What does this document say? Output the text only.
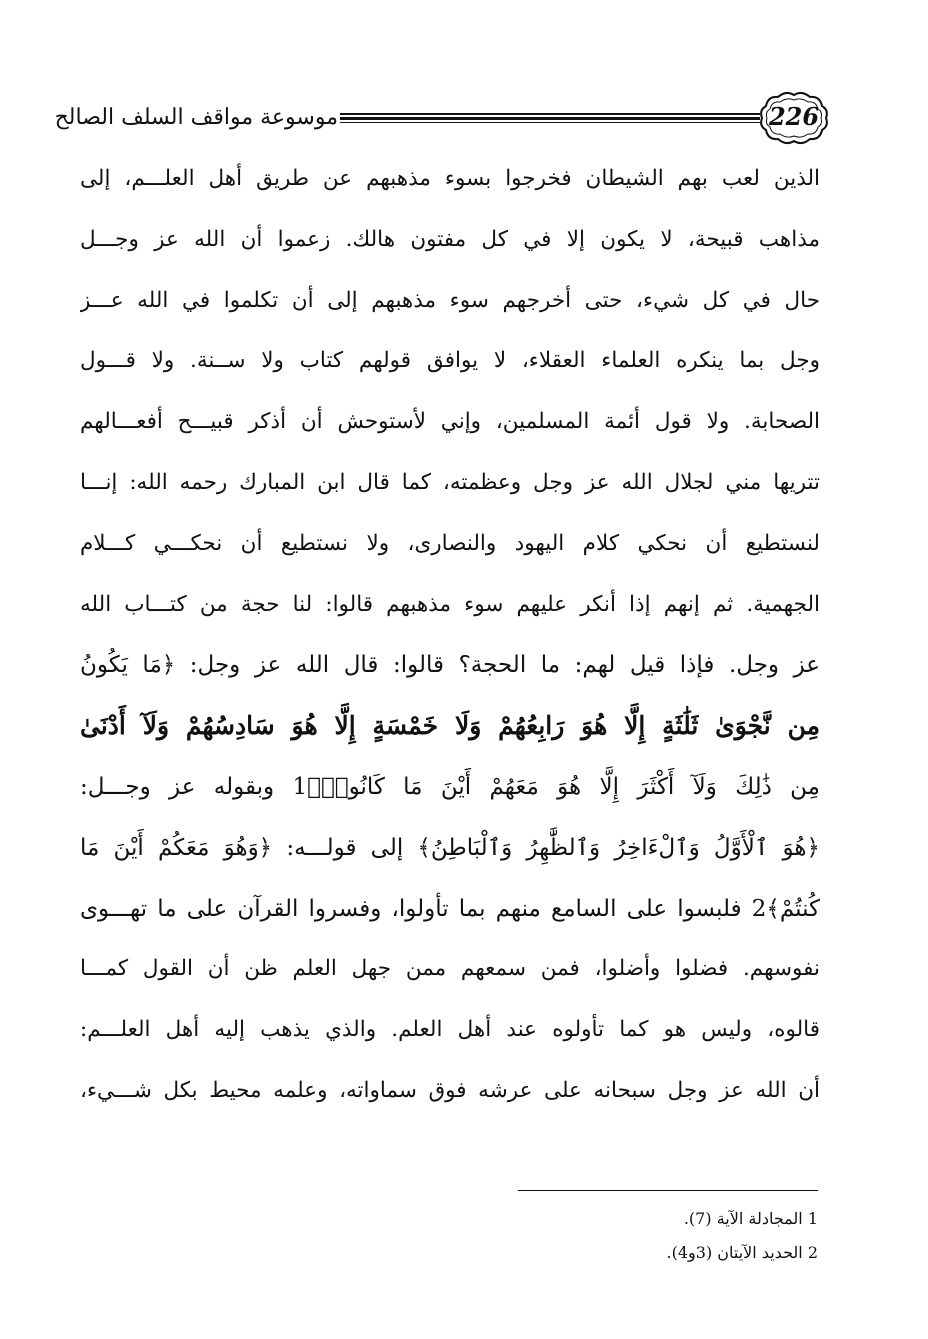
226
موسوعة مواقف السلف الصالح
الذين لعب بهم الشيطان فخرجوا بسوء مذهبهم عن طريق أهل العلـــم، إلى
مذاهب قبيحة، لا يكون إلا في كل مفتون هالك. زعموا أن الله عز وجـــل
حال في كل شيء، حتى أخرجهم سوء مذهبهم إلى أن تكلموا في الله عـــز
وجل بما ينكره العلماء العقلاء، لا يوافق قولهم كتاب ولا ســنة. ولا قـــول
الصحابة. ولا قول أئمة المسلمين، وإني لأستوحش أن أذكر قبيـــح أفعـــالهم
تتريها مني لجلال الله عز وجل وعظمته، كما قال ابن المبارك رحمه الله: إنـــا
لنستطيع أن نحكي كلام اليهود والنصارى، ولا نستطيع أن نحكـــي كـــلام
الجهمية. ثم إنهم إذا أنكر عليهم سوء مذهبهم قالوا: لنا حجة من كتـــاب الله
عز وجل. فإذا قيل لهم: ما الحجة؟ قالوا: قال الله عز وجل: ﴿مَا يَكُونُ
مِن نَّجْوَىٰ ثَلَٰثَةٍ إِلَّا هُوَ رَابِعُهُمْ وَلَا خَمْسَةٍ إِلَّا هُوَ سَادِسُهُمْ وَلَآ أَدْنَىٰ
مِن ذَٰلِكَ وَلَآ أَكْثَرَ إِلَّا هُوَ مَعَهُمْ أَيْنَ مَا كَانُوا۟﴾1 وبقوله عز وجـــل:
﴿هُوَ ٱلْأَوَّلُ وَٱلْءَاخِرُ وَٱلظَّٰهِرُ وَٱلْبَاطِنُ﴾ إلى قولـــه: ﴿وَهُوَ مَعَكُمْ أَيْنَ مَا
كُنتُمْ﴾2 فلبسوا على السامع منهم بما تأولوا، وفسروا القرآن على ما تهـــوى
نفوسهم. فضلوا وأضلوا، فمن سمعهم ممن جهل العلم ظن أن القول كمـــا
قالوه، وليس هو كما تأولوه عند أهل العلم. والذي يذهب إليه أهل العلـــم:
أن الله عز وجل سبحانه على عرشه فوق سماواته، وعلمه محيط بكل شـــيء،
1 المجادلة الآية (7).
2 الحديد الآيتان (3و4).
